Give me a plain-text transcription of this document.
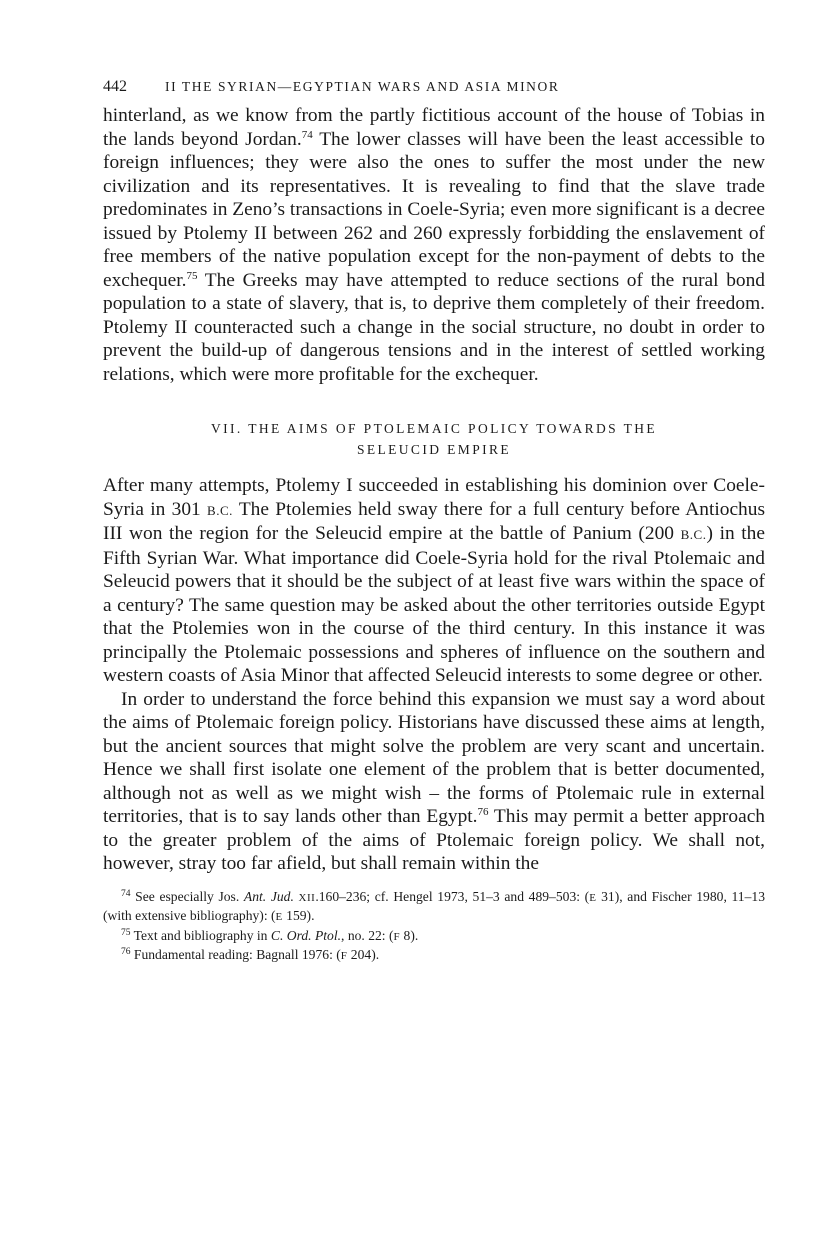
442	II THE SYRIAN—EGYPTIAN WARS AND ASIA MINOR

hinterland, as we know from the partly fictitious account of the house of Tobias in the lands beyond Jordan.$^{74}$ The lower classes will have been the least accessible to foreign influences; they were also the ones to suffer the most under the new civilization and its representatives. It is revealing to find that the slave trade predominates in Zeno’s transactions in Coele-Syria; even more significant is a decree issued by Ptolemy II between 262 and 260 expressly forbidding the enslavement of free members of the native population except for the non-payment of debts to the exchequer.$^{75}$ The Greeks may have attempted to reduce sections of the rural bond population to a state of slavery, that is, to deprive them completely of their freedom. Ptolemy II counteracted such a change in the social structure, no doubt in order to prevent the build-up of dangerous tensions and in the interest of settled working relations, which were more profitable for the exchequer.

VII. THE AIMS OF PTOLEMAIC POLICY TOWARDS THE
SELEUCID EMPIRE

After many attempts, Ptolemy I succeeded in establishing his dominion over Coele-Syria in 301 B.C. The Ptolemies held sway there for a full century before Antiochus III won the region for the Seleucid empire at the battle of Panium (200 B.C.) in the Fifth Syrian War. What importance did Coele-Syria hold for the rival Ptolemaic and Seleucid powers that it should be the subject of at least five wars within the space of a century? The same question may be asked about the other territories outside Egypt that the Ptolemies won in the course of the third century. In this instance it was principally the Ptolemaic possessions and spheres of influence on the southern and western coasts of Asia Minor that affected Seleucid interests to some degree or other.

In order to understand the force behind this expansion we must say a word about the aims of Ptolemaic foreign policy. Historians have discussed these aims at length, but the ancient sources that might solve the problem are very scant and uncertain. Hence we shall first isolate one element of the problem that is better documented, although not as well as we might wish – the forms of Ptolemaic rule in external territories, that is to say lands other than Egypt.$^{76}$ This may permit a better approach to the greater problem of the aims of Ptolemaic foreign policy. We shall not, however, stray too far afield, but shall remain within the

$^{74}$ See especially Jos. Ant. Jud. XII.160–236; cf. Hengel 1973, 51–3 and 489–503: (E 31), and Fischer 1980, 11–13 (with extensive bibliography): (E 159).

$^{75}$ Text and bibliography in C. Ord. Ptol., no. 22: (F 8).

$^{76}$ Fundamental reading: Bagnall 1976: (F 204).
